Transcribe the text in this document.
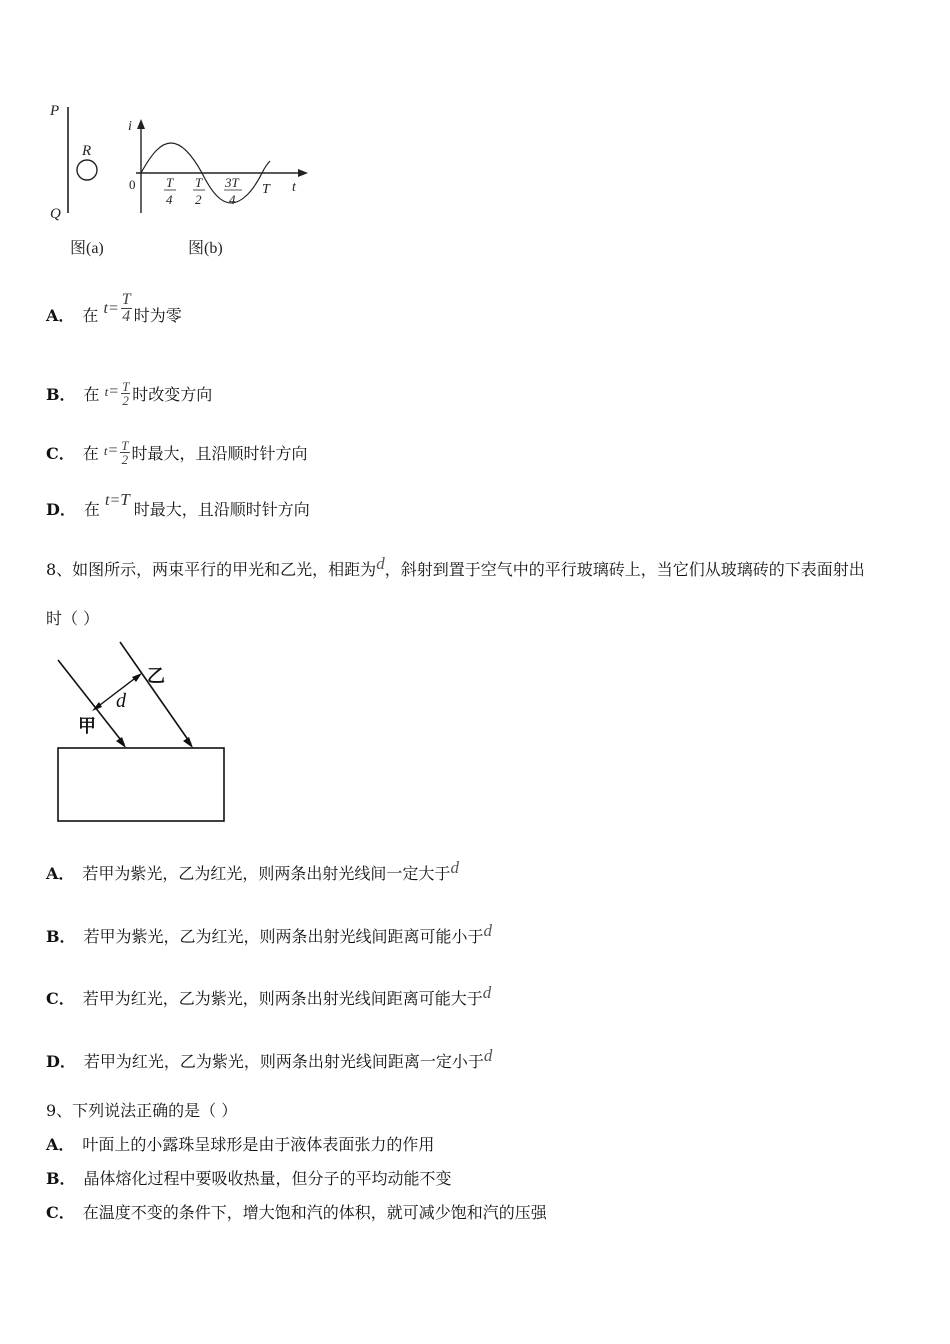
P
R
Q
图(a)
i
t
0 T
4
T
2
3T
4
T
图(b)
A． 在 $t= \frac{T}{4}$ 时为零
B． 在 $^t= \frac{T}{2}$ 时改变方向
C． 在 $^t= \frac{T}{2}$ 时最大，且沿顺时针方向
D． 在 t=T时最大，且沿顺时针方向
8、如图所示，两束平行的甲光和乙光，相距为d，斜射到置于空气中的平行玻璃砖上，当它们从玻璃砖的下表面射出
时（ ）
d
乙
甲
A． 若甲为紫光，乙为红光，则两条出射光线间一定大于d
B． 若甲为紫光，乙为红光，则两条出射光线间距离可能小于d
C． 若甲为红光，乙为紫光，则两条出射光线间距离可能大于d
D． 若甲为红光，乙为紫光，则两条出射光线间距离一定小于d
9、下列说法正确的是（ ）
A． 叶面上的小露珠呈球形是由于液体表面张力的作用
B． 晶体熔化过程中要吸收热量，但分子的平均动能不变
C． 在温度不变的条件下，增大饱和汽的体积，就可减少饱和汽的压强
